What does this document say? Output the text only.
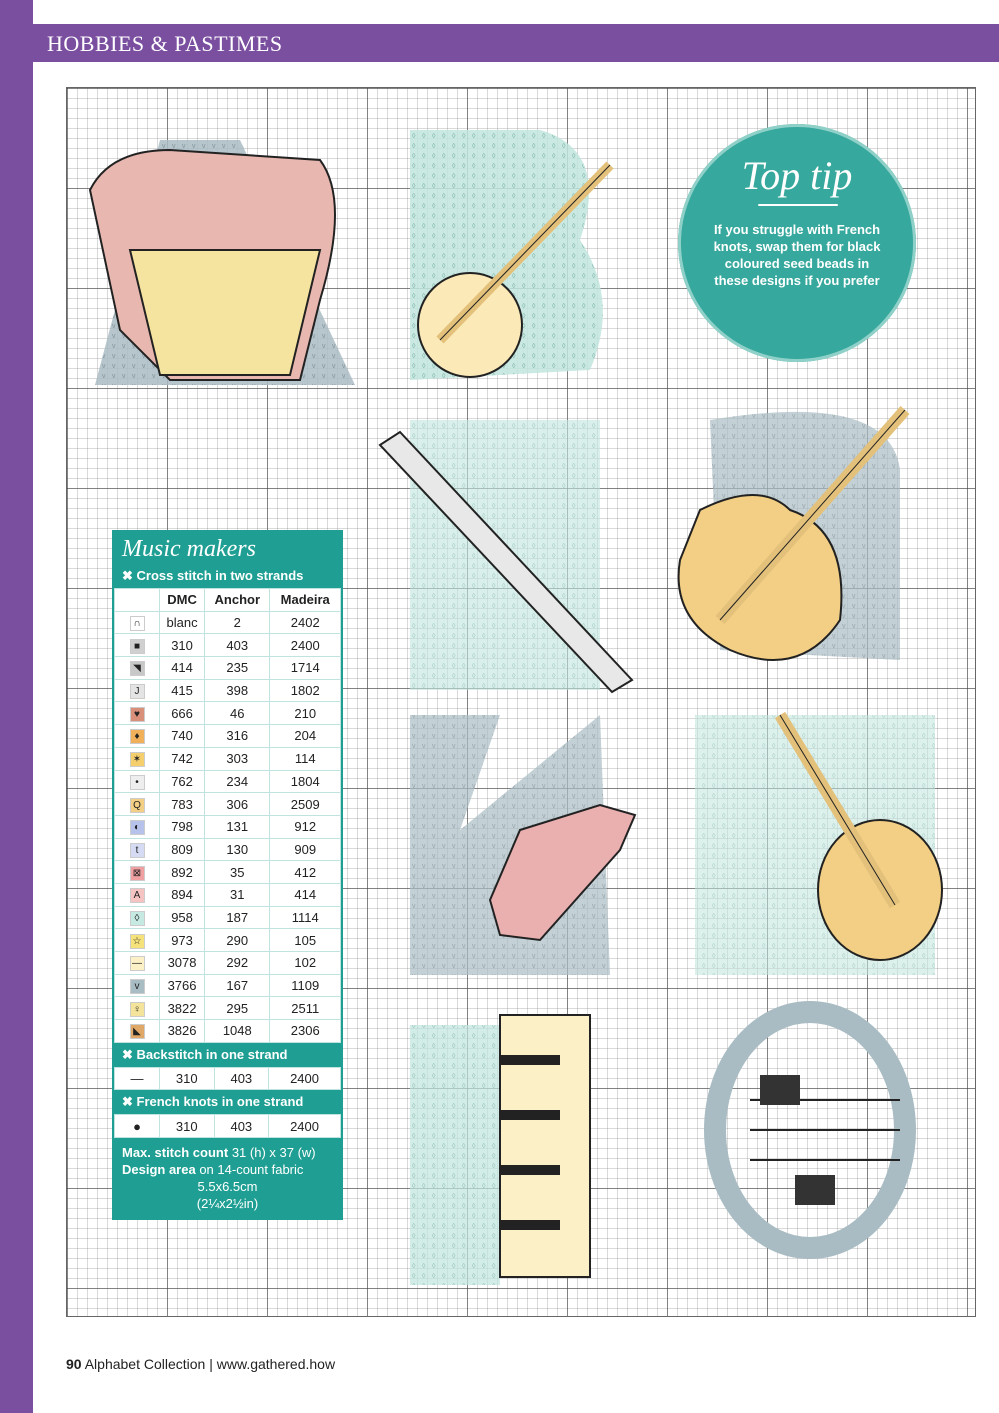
HOBBIES & PASTIMES
Top tip
If you struggle with French knots, swap them for black coloured seed beads in these designs if you prefer
Music makers
✖ Cross stitch in two strands
	DMC	Anchor	Madeira
∩	blanc	2	2402
■	310	403	2400
◥	414	235	1714
J	415	398	1802
♥	666	46	210
♦	740	316	204
✶	742	303	114
•	762	234	1804
Q	783	306	2509
◐	798	131	912
t	809	130	909
⊠	892	35	412
A	894	31	414
◊	958	187	1114
☆	973	290	105
—	3078	292	102
v	3766	167	1109
♀	3822	295	2511
◣	3826	1048	2306
✖ Backstitch in one strand
—	310	403	2400
✖ French knots in one strand
●	310	403	2400
Max. stitch count 31 (h) x 37 (w)
Design area on 14-count fabric
5.5x6.5cm
(2¼x2½in)
90 Alphabet Collection | www.gathered.how
